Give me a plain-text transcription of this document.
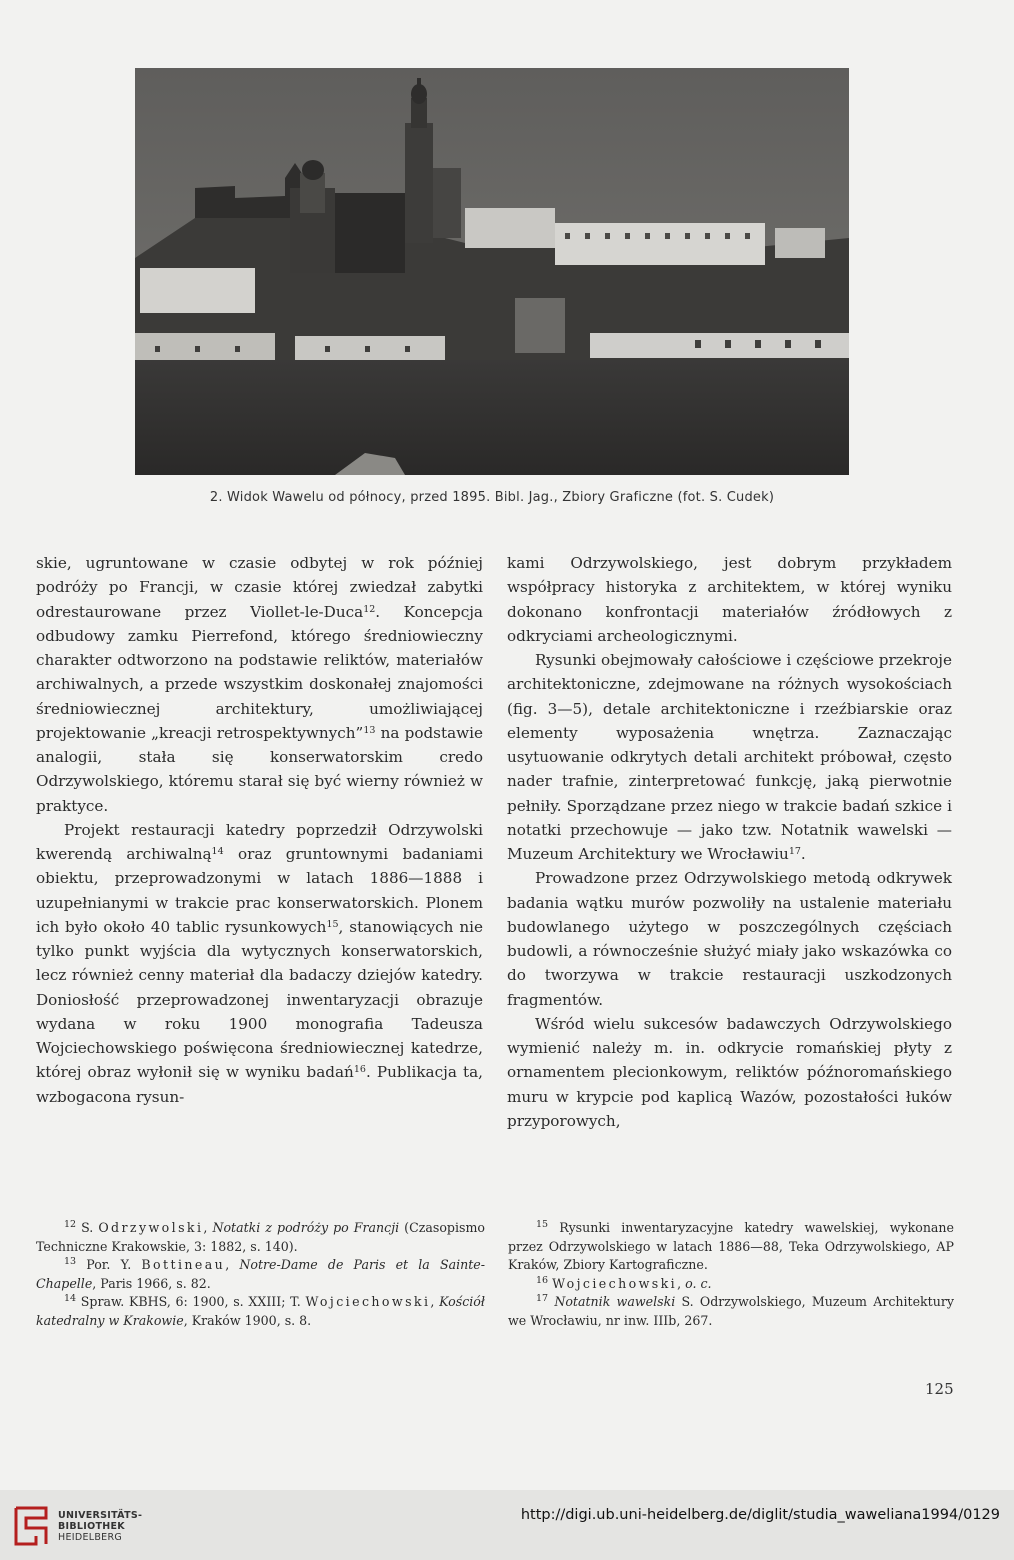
2. Widok Wawelu od północy, przed 1895. Bibl. Jag., Zbiory Graficzne (fot. S. Cudek)

skie, ugruntowane w czasie odbytej w rok później podróży po Francji, w czasie której zwiedzał zabytki odrestaurowane przez Viollet-le-Duca$^{12}$. Koncepcja odbudowy zamku Pierrefond, którego średniowieczny charakter odtworzono na podstawie reliktów, materiałów archiwalnych, a przede wszystkim doskonałej znajomości średniowiecznej architektury, umożliwiającej projektowanie „kreacji retrospektywnych”$^{13}$ na podstawie analogii, stała się konserwatorskim credo Odrzywolskiego, któremu starał się być wierny również w praktyce.

Projekt restauracji katedry poprzedził Odrzywolski kwerendą archiwalną$^{14}$ oraz gruntownymi badaniami obiektu, przeprowadzonymi w latach 1886—1888 i uzupełnianymi w trakcie prac konserwatorskich. Plonem ich było około 40 tablic rysunkowych$^{15}$, stanowiących nie tylko punkt wyjścia dla wytycznych konserwatorskich, lecz również cenny materiał dla badaczy dziejów katedry. Doniosłość przeprowadzonej inwentaryzacji obrazuje wydana w roku 1900 monografia Tadeusza Wojciechowskiego poświęcona średniowiecznej katedrze, której obraz wyłonił się w wyniku badań$^{16}$. Publikacja ta, wzbogacona rysun-

kami Odrzywolskiego, jest dobrym przykładem współpracy historyka z architektem, w której wyniku dokonano konfrontacji materiałów źródłowych z odkryciami archeologicznymi.

Rysunki obejmowały całościowe i częściowe przekroje architektoniczne, zdejmowane na różnych wysokościach (fig. 3—5), detale architektoniczne i rzeźbiarskie oraz elementy wyposażenia wnętrza. Zaznaczając usytuowanie odkrytych detali architekt próbował, często nader trafnie, zinterpretować funkcję, jaką pierwotnie pełniły. Sporządzane przez niego w trakcie badań szkice i notatki przechowuje — jako tzw. Notatnik wawelski — Muzeum Architektury we Wrocławiu$^{17}$.

Prowadzone przez Odrzywolskiego metodą odkrywek badania wątku murów pozwoliły na ustalenie materiału budowlanego użytego w poszczególnych częściach budowli, a równocześnie służyć miały jako wskazówka co do tworzywa w trakcie restauracji uszkodzonych fragmentów.

Wśród wielu sukcesów badawczych Odrzywolskiego wymienić należy m. in. odkrycie romańskiej płyty z ornamentem plecionkowym, reliktów późnoromańskiego muru w krypcie pod kaplicą Wazów, pozostałości łuków przyporowych,

$^{12}$ S. Odrzywolski, Notatki z podróży po Francji (Czasopismo Techniczne Krakowskie, 3: 1882, s. 140).

$^{13}$ Por. Y. Bottineau, Notre-Dame de Paris et la Sainte-Chapelle, Paris 1966, s. 82.

$^{14}$ Spraw. KBHS, 6: 1900, s. XXIII; T. Wojciechowski, Kościół katedralny w Krakowie, Kraków 1900, s. 8.

$^{15}$ Rysunki inwentaryzacyjne katedry wawelskiej, wykonane przez Odrzywolskiego w latach 1886—88, Teka Odrzywolskiego, AP Kraków, Zbiory Kartograficzne.

$^{16}$ Wojciechowski, o. c.

$^{17}$ Notatnik wawelski S. Odrzywolskiego, Muzeum Architektury we Wrocławiu, nr inw. IIIb, 267.

125
UNIVERSITÄTS-
BIBLIOTHEK
HEIDELBERG
http://digi.ub.uni-heidelberg.de/diglit/studia_waweliana1994/0129
